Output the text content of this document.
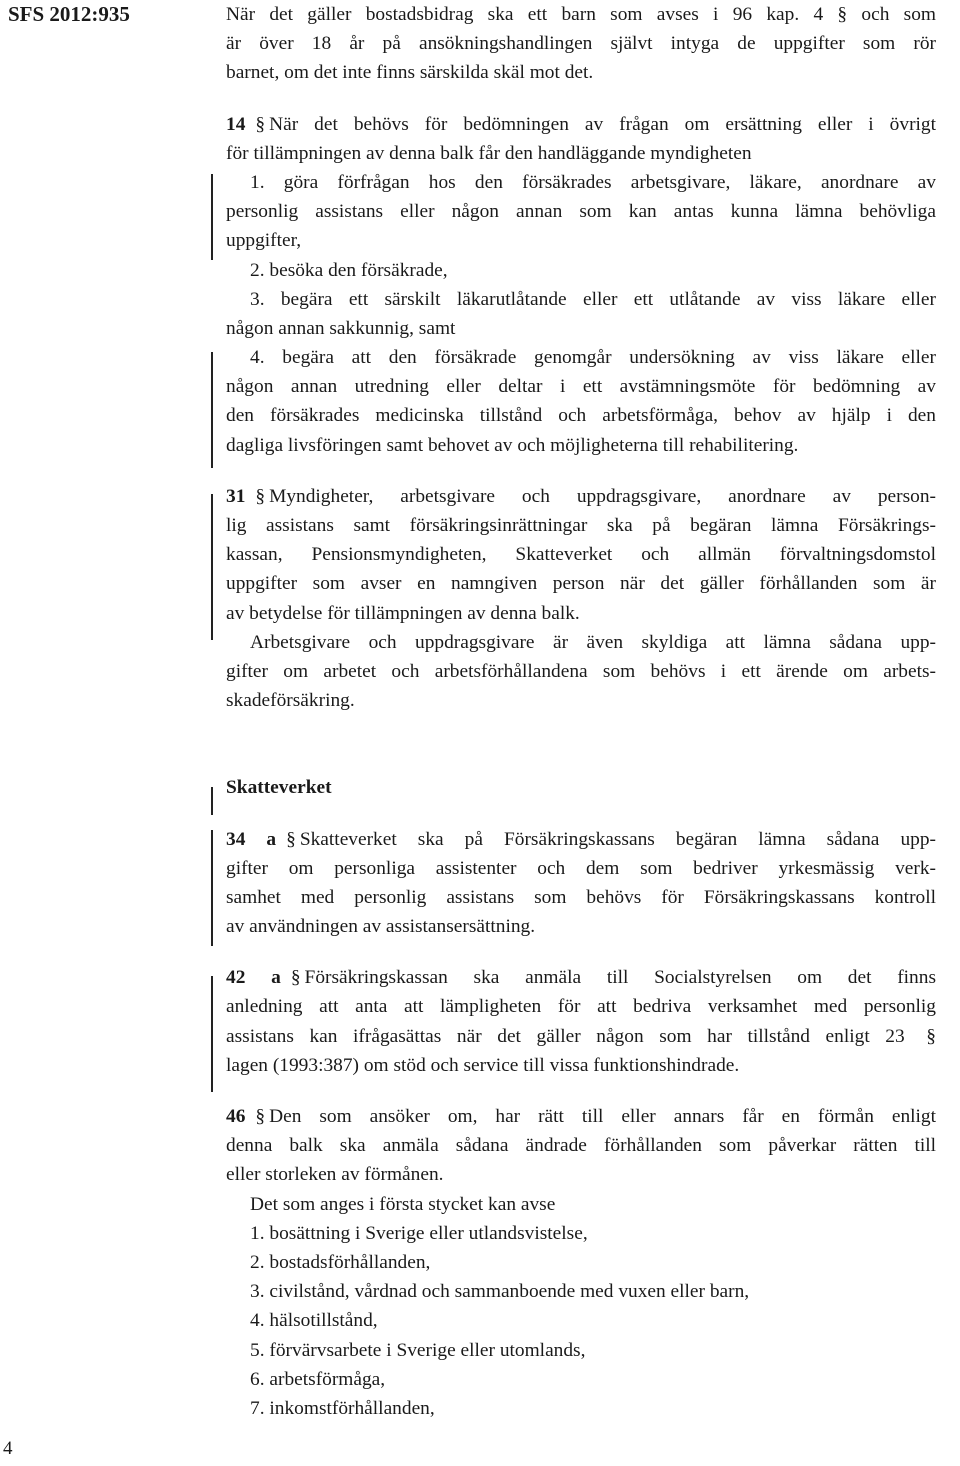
SFS 2012:935
4
När det gäller bostadsbidrag ska ett barn som avses i 96 kap. 4 § och som
är över 18 år på ansökningshandlingen självt intyga de uppgifter som rör
barnet, om det inte finns särskilda skäl mot det.
14 § När det behövs för bedömningen av frågan om ersättning eller i övrigt
för tillämpningen av denna balk får den handläggande myndigheten
1. göra förfrågan hos den försäkrades arbetsgivare, läkare, anordnare av
personlig assistans eller någon annan som kan antas kunna lämna behövliga
uppgifter,
2. besöka den försäkrade,
3. begära ett särskilt läkarutlåtande eller ett utlåtande av viss läkare eller
någon annan sakkunnig, samt
4. begära att den försäkrade genomgår undersökning av viss läkare eller
någon annan utredning eller deltar i ett avstämningsmöte för bedömning av
den försäkrades medicinska tillstånd och arbetsförmåga, behov av hjälp i den
dagliga livsföringen samt behovet av och möjligheterna till rehabilitering.
31 § Myndigheter, arbetsgivare och uppdragsgivare, anordnare av person-
lig assistans samt försäkringsinrättningar ska på begäran lämna Försäkrings-
kassan, Pensionsmyndigheten, Skatteverket och allmän förvaltningsdomstol
uppgifter som avser en namngiven person när det gäller förhållanden som är
av betydelse för tillämpningen av denna balk.
Arbetsgivare och uppdragsgivare är även skyldiga att lämna sådana upp-
gifter om arbetet och arbetsförhållandena som behövs i ett ärende om arbets-
skadeförsäkring.
Skatteverket
34 a § Skatteverket ska på Försäkringskassans begäran lämna sådana upp-
gifter om personliga assistenter och dem som bedriver yrkesmässig verk-
samhet med personlig assistans som behövs för Försäkringskassans kontroll
av användningen av assistansersättning.
42 a § Försäkringskassan ska anmäla till Socialstyrelsen om det finns
anledning att anta att lämpligheten för att bedriva verksamhet med personlig
assistans kan ifrågasättas när det gäller någon som har tillstånd enligt 23 §
lagen (1993:387) om stöd och service till vissa funktionshindrade.
46 § Den som ansöker om, har rätt till eller annars får en förmån enligt
denna balk ska anmäla sådana ändrade förhållanden som påverkar rätten till
eller storleken av förmånen.
Det som anges i första stycket kan avse
1. bosättning i Sverige eller utlandsvistelse,
2. bostadsförhållanden,
3. civilstånd, vårdnad och sammanboende med vuxen eller barn,
4. hälsotillstånd,
5. förvärvsarbete i Sverige eller utomlands,
6. arbetsförmåga,
7. inkomstförhållanden,
